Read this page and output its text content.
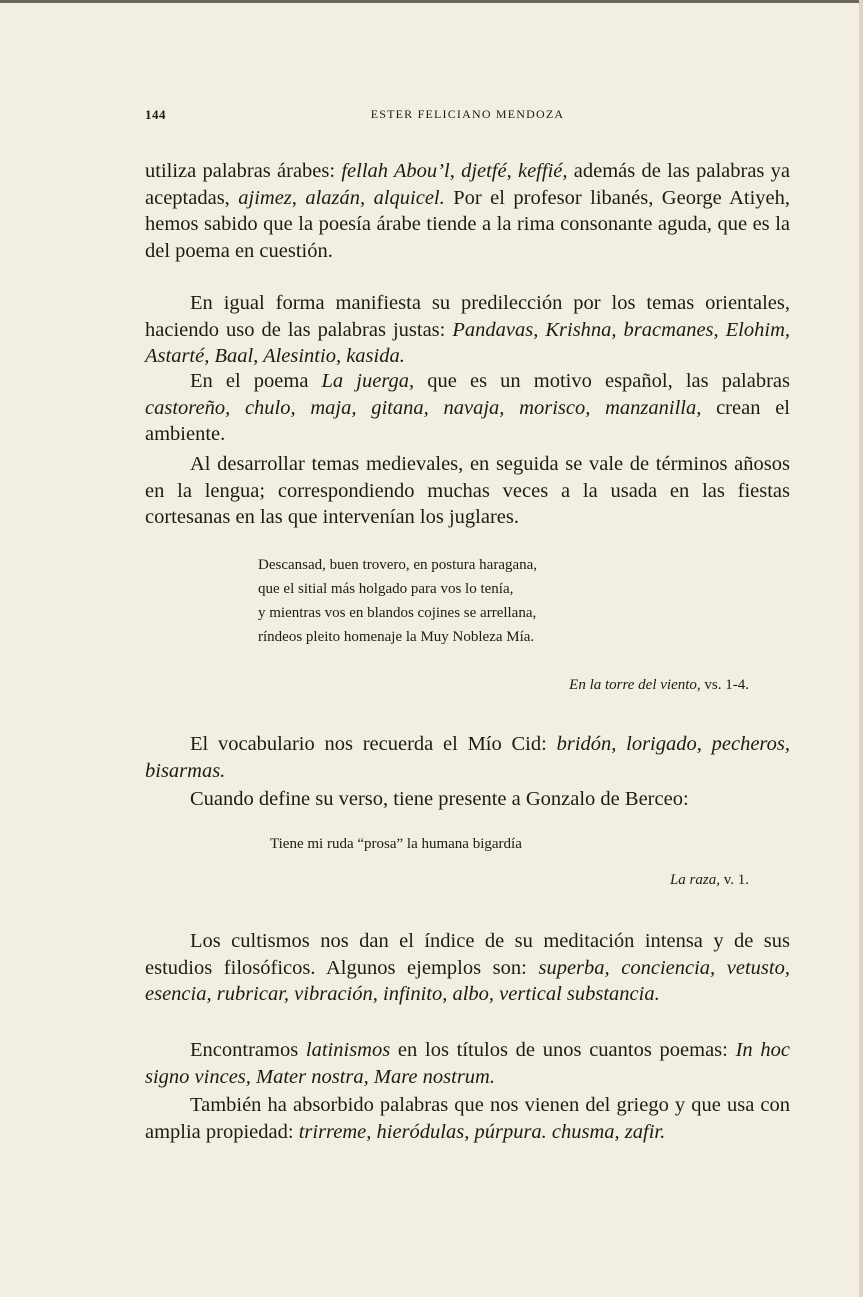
144	ESTER FELICIANO MENDOZA
utiliza palabras árabes: fellah Abou’l, djetfé, keffié, además de las palabras ya aceptadas, ajimez, alazán, alquicel. Por el profesor libanés, George Atiyeh, hemos sabido que la poesía árabe tiende a la rima consonante aguda, que es la del poema en cuestión.
En igual forma manifiesta su predilección por los temas orientales, haciendo uso de las palabras justas: Pandavas, Krishna, bracmanes, Elohim, Astarté, Baal, Alesintio, kasida.
En el poema La juerga, que es un motivo español, las palabras castoreño, chulo, maja, gitana, navaja, morisco, manzanilla, crean el ambiente.
Al desarrollar temas medievales, en seguida se vale de términos añosos en la lengua; correspondiendo muchas veces a la usada en las fiestas cortesanas en las que intervenían los juglares.
Descansad, buen trovero, en postura haragana,
que el sitial más holgado para vos lo tenía,
y mientras vos en blandos cojines se arrellana,
ríndeos pleito homenaje la Muy Nobleza Mía.
En la torre del viento, vs. 1-4.
El vocabulario nos recuerda el Mío Cid: bridón, lorigado, pecheros, bisarmas.
Cuando define su verso, tiene presente a Gonzalo de Berceo:
Tiene mi ruda “prosa” la humana bigardía
La raza, v. 1.
Los cultismos nos dan el índice de su meditación intensa y de sus estudios filosóficos. Algunos ejemplos son: superba, conciencia, vetusto, esencia, rubricar, vibración, infinito, albo, vertical substancia.
Encontramos latinismos en los títulos de unos cuantos poemas: In hoc signo vinces, Mater nostra, Mare nostrum.
También ha absorbido palabras que nos vienen del griego y que usa con amplia propiedad: trirreme, hieródulas, púrpura. chusma, zafir.
